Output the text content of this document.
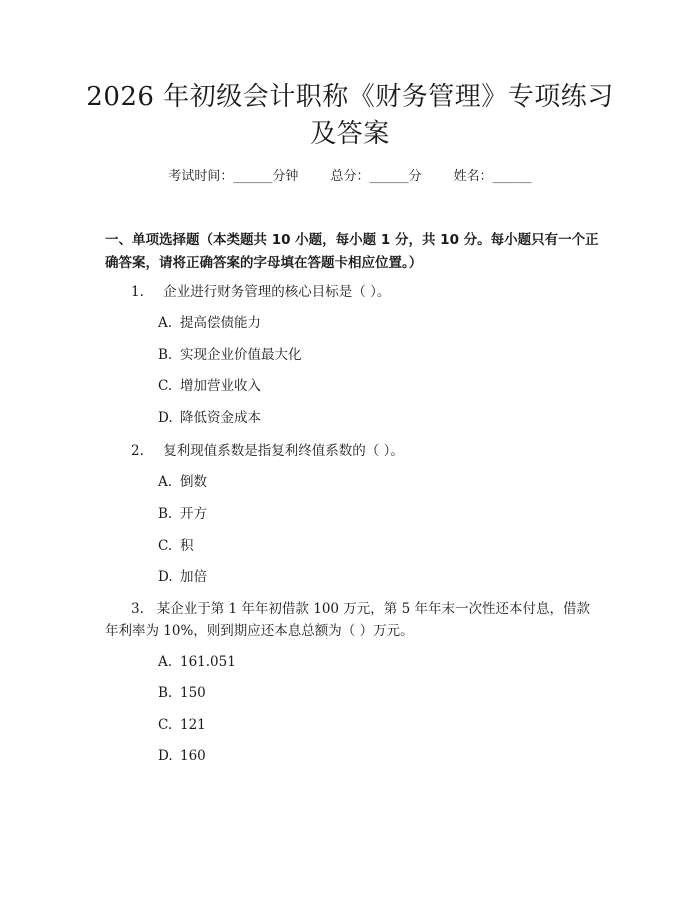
2026 年初级会计职称《财务管理》专项练习
及答案
考试时间：______分钟 总分：______分 姓名：______
一、单项选择题（本类题共 10 小题，每小题 1 分，共 10 分。每小题只有一个正确答案，请将正确答案的字母填在答题卡相应位置。）
1. 企业进行财务管理的核心目标是（ ）。
A. 提高偿债能力
B. 实现企业价值最大化
C. 增加营业收入
D. 降低资金成本
2. 复利现值系数是指复利终值系数的（ ）。
A. 倒数
B. 开方
C. 积
D. 加倍
3. 某企业于第 1 年年初借款 100 万元，第 5 年年末一次性还本付息，借款年利率为 10%，则到期应还本息总额为（ ）万元。
A. 161.051
B. 150
C. 121
D. 160
